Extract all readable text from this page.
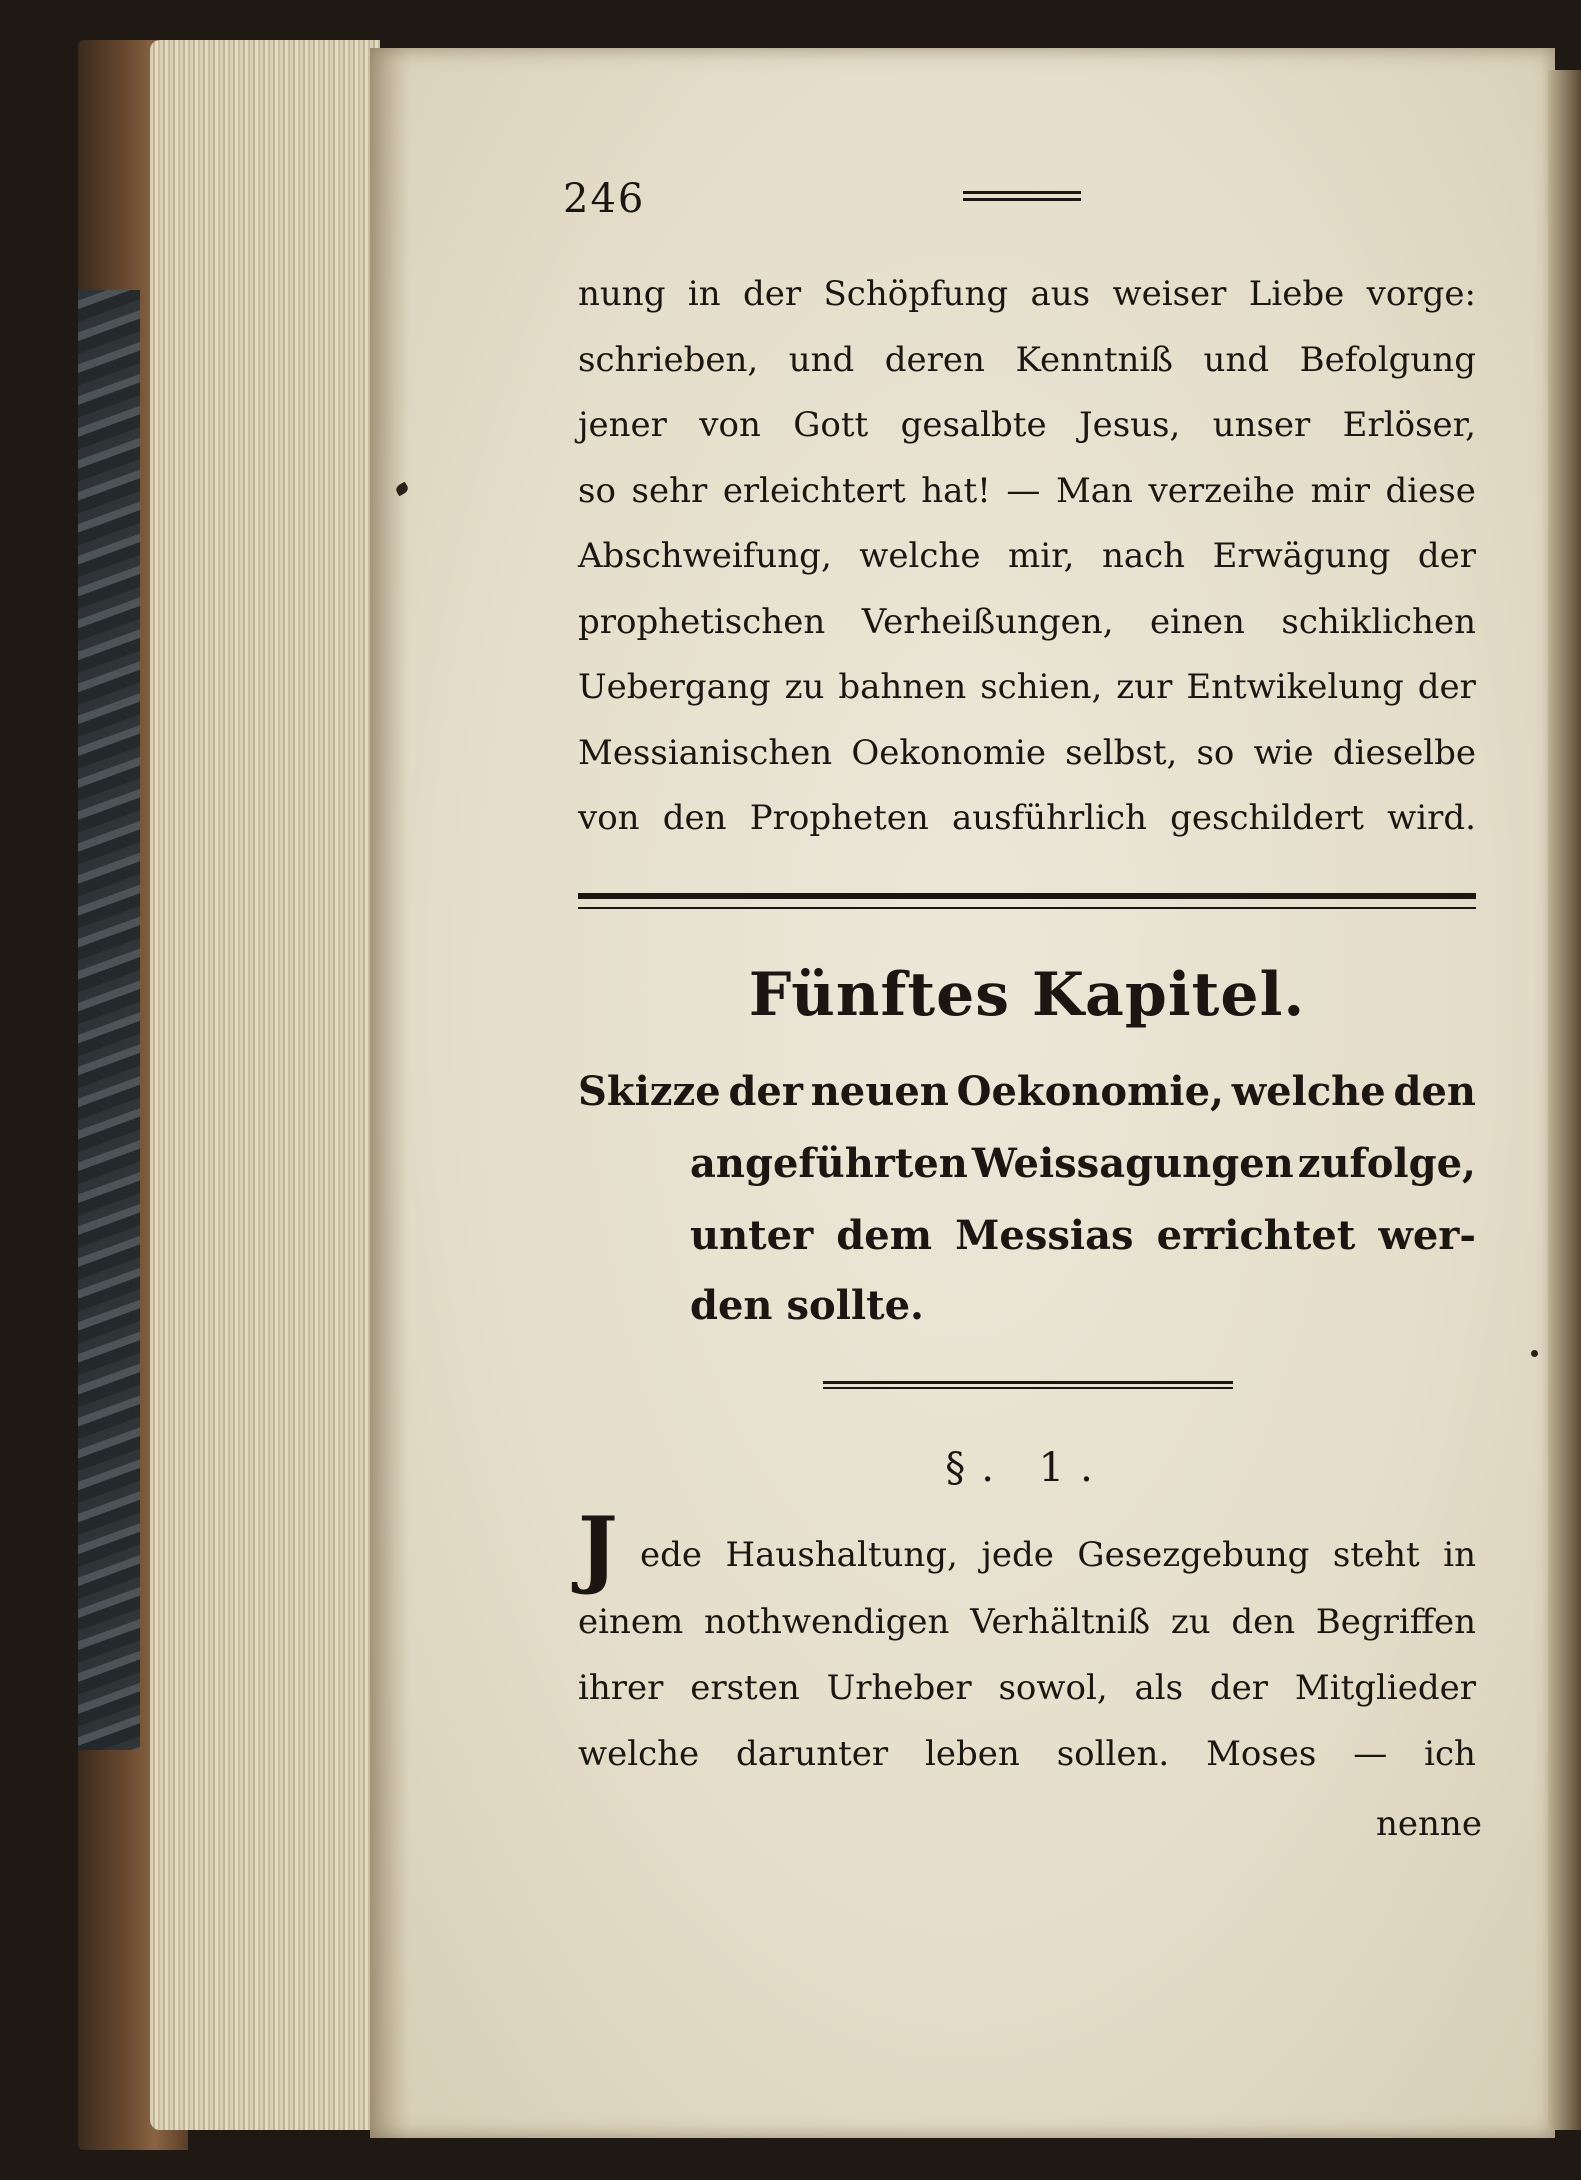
246
nung in der Schöpfung aus weiser Liebe vorge:
schrieben, und deren Kenntniß und Befolgung
jener von Gott gesalbte Jesus, unser Erlöser,
so sehr erleichtert hat! — Man verzeihe mir diese
Abschweifung, welche mir, nach Erwägung der
prophetischen Verheißungen, einen schiklichen
Uebergang zu bahnen schien, zur Entwikelung der
Messianischen Oekonomie selbst, so wie dieselbe
von den Propheten ausführlich geschildert wird.
Fünftes Kapitel.
Skizze der neuen Oekonomie, welche den
angeführten Weissagungen zufolge,
unter dem Messias errichtet wer-
den sollte.
§. 1.
J ede Haushaltung, jede Gesezgebung steht in
einem nothwendigen Verhältniß zu den Begriffen
ihrer ersten Urheber sowol, als der Mitglieder
welche darunter leben sollen. Moses — ich
nenne
